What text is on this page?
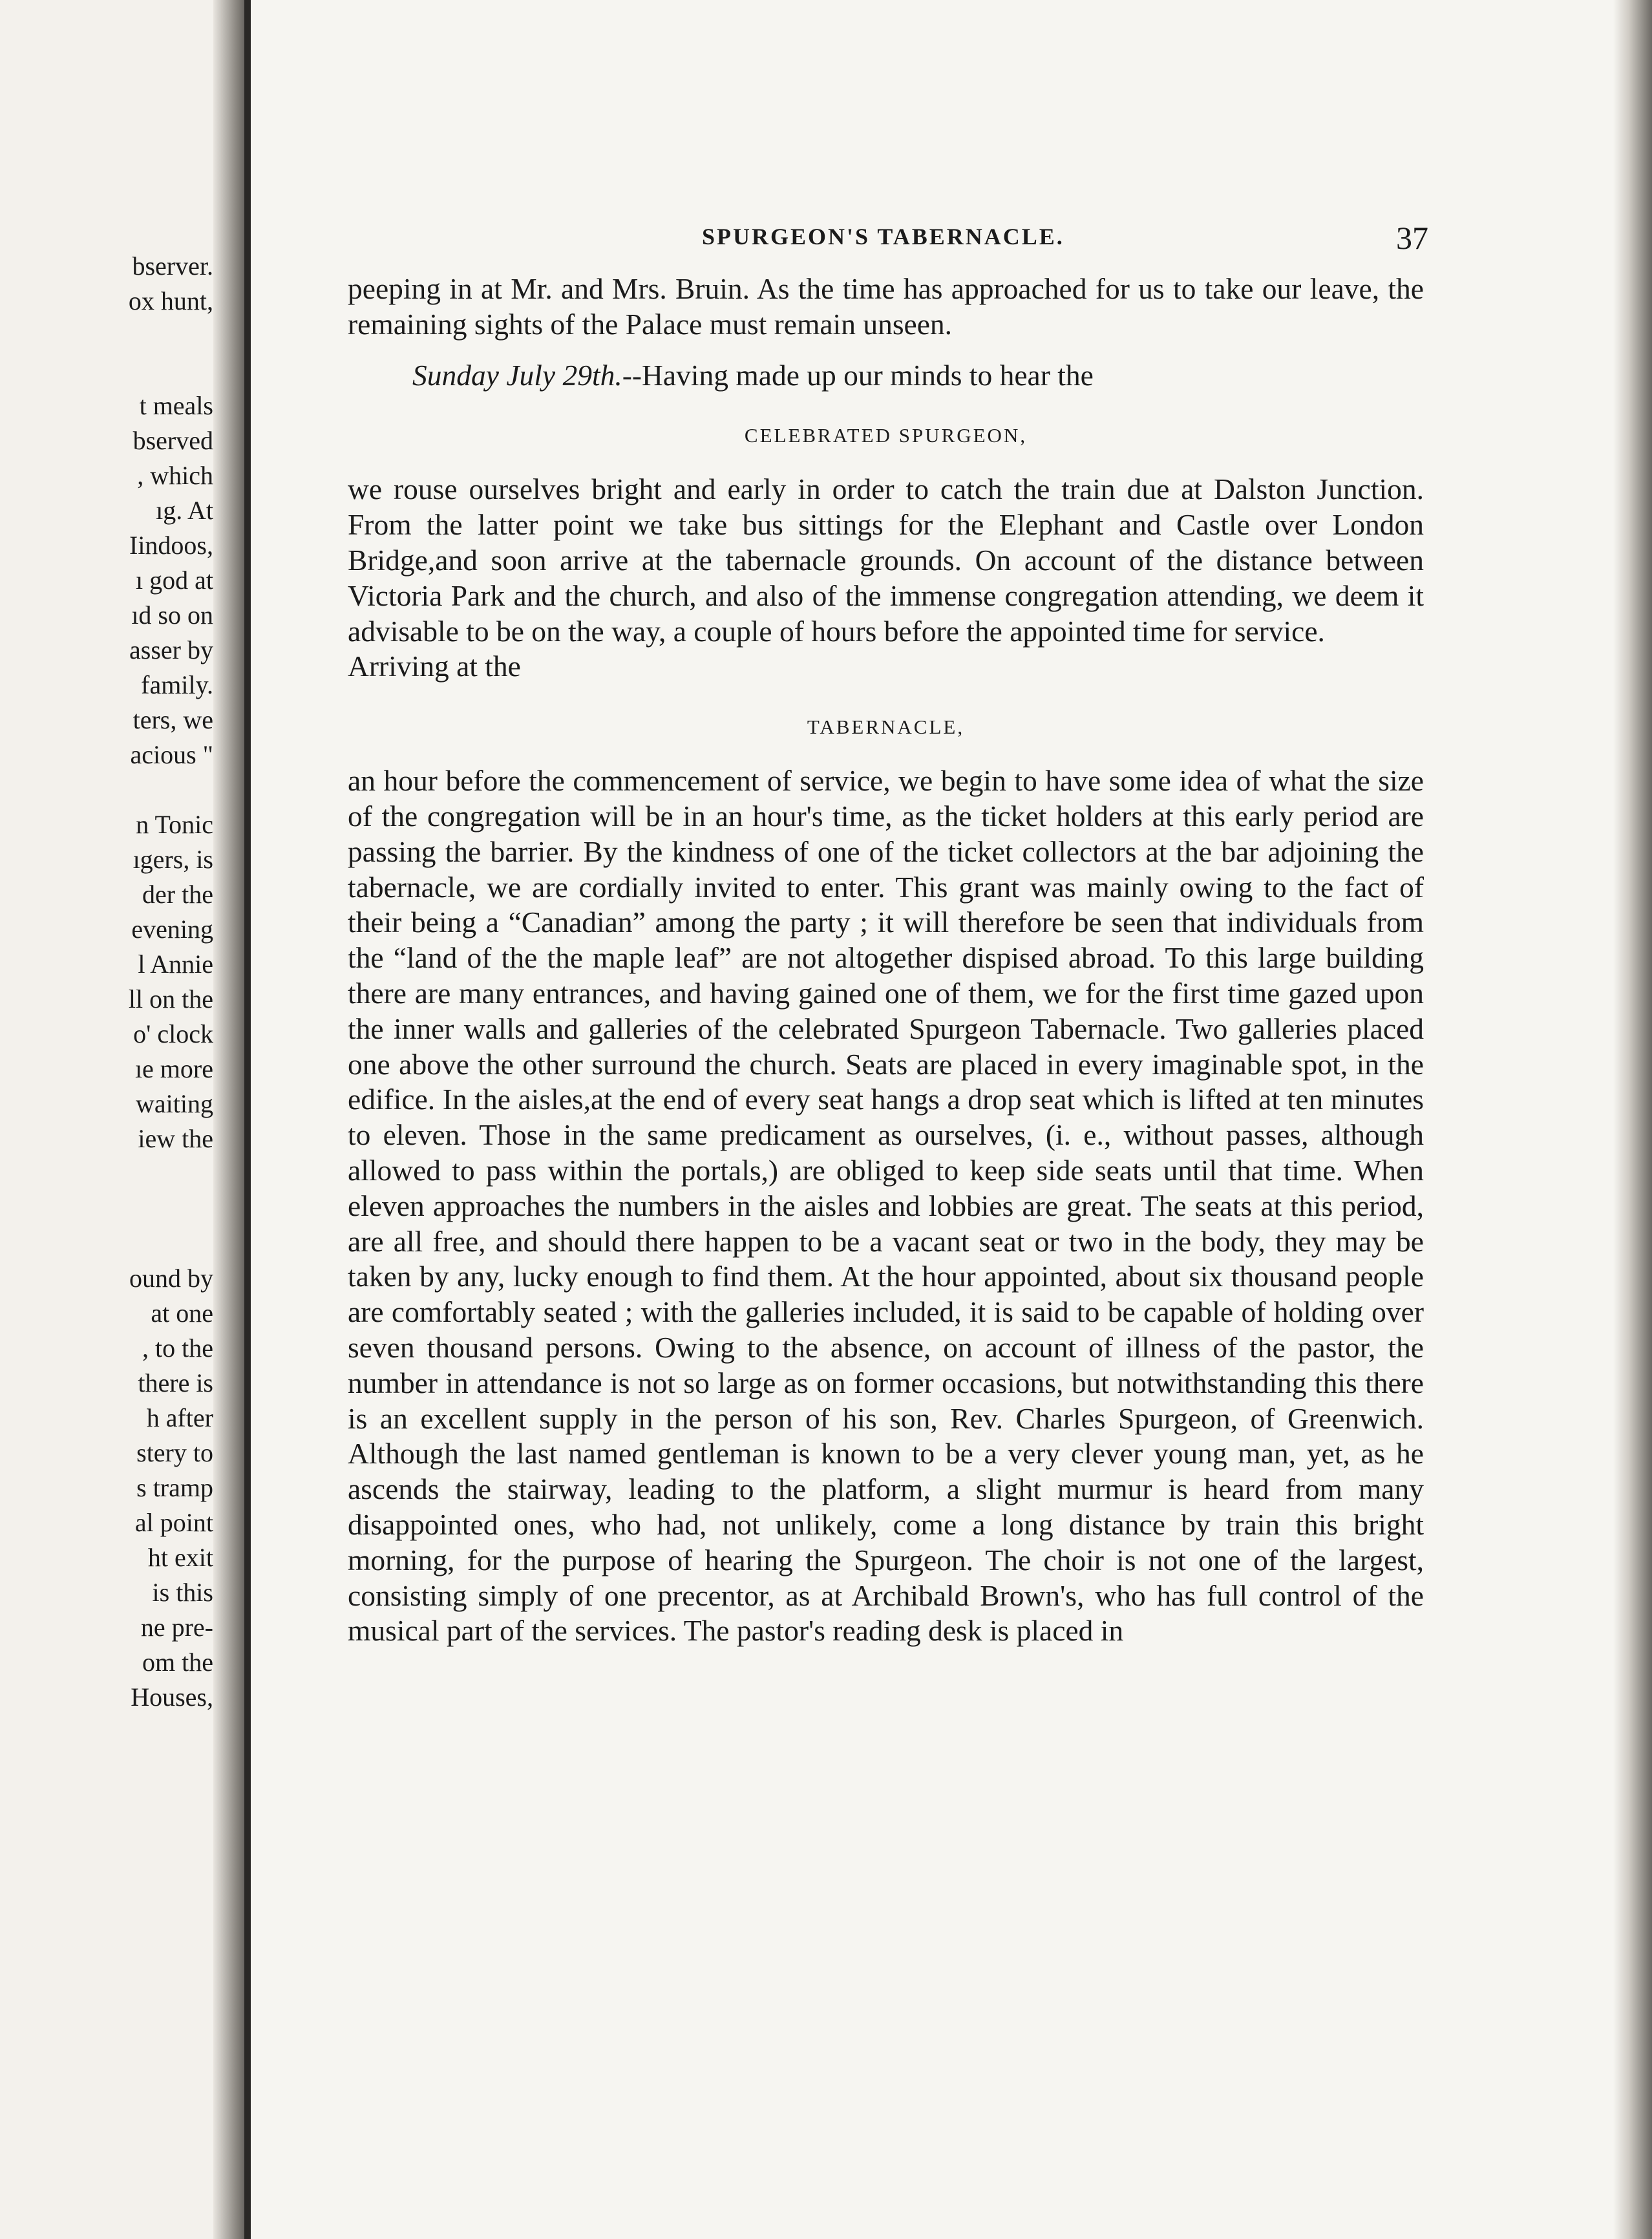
bserver.
ox hunt,
t meals
bserved
, which
ıg. At
Iindoos,
ı god at
ıd so on
asser by
family.
ters, we
acious "
n Tonic
ıgers, is
der the
evening
l Annie
ll on the
o' clock
ıe more
waiting
iew the
ound by
at one
, to the
there is
h after
stery to
s tramp
al point
ht exit
is this
ne pre-
om the
Houses,
SPURGEON'S TABERNACLE.	37

peeping in at Mr. and Mrs. Bruin. As the time has approached for us to take our leave, the remaining sights of the Palace must remain unseen.

Sunday July 29th.--Having made up our minds to hear the

CELEBRATED SPURGEON,

we rouse ourselves bright and early in order to catch the train due at Dalston Junction. From the latter point we take bus sittings for the Elephant and Castle over London Bridge,and soon arrive at the tabernacle grounds. On account of the distance between Victoria Park and the church, and also of the immense congregation attending, we deem it advisable to be on the way, a couple of hours before the appointed time for service.

Arriving at the

TABERNACLE,

an hour before the commencement of service, we begin to have some idea of what the size of the congregation will be in an hour's time, as the ticket holders at this early period are passing the barrier. By the kindness of one of the ticket collectors at the bar adjoining the tabernacle, we are cordially invited to enter. This grant was mainly owing to the fact of their being a “Canadian” among the party ; it will therefore be seen that individuals from the “land of the the maple leaf” are not altogether dispised abroad. To this large building there are many entrances, and having gained one of them, we for the first time gazed upon the inner walls and galleries of the celebrated Spurgeon Tabernacle. Two galleries placed one above the other surround the church. Seats are placed in every imaginable spot, in the edifice. In the aisles,at the end of every seat hangs a drop seat which is lifted at ten minutes to eleven. Those in the same predicament as ourselves, (i. e., without passes, although allowed to pass within the portals,) are obliged to keep side seats until that time. When eleven approaches the numbers in the aisles and lobbies are great. The seats at this period, are all free, and should there happen to be a vacant seat or two in the body, they may be taken by any, lucky enough to find them. At the hour appointed, about six thousand people are comfortably seated ; with the galleries included, it is said to be capable of holding over seven thousand persons. Owing to the absence, on account of illness of the pastor, the number in attendance is not so large as on former occasions, but notwithstanding this there is an excellent supply in the person of his son, Rev. Charles Spurgeon, of Greenwich. Although the last named gentleman is known to be a very clever young man, yet, as he ascends the stairway, leading to the platform, a slight murmur is heard from many disappointed ones, who had, not unlikely, come a long distance by train this bright morning, for the purpose of hearing the Spurgeon. The choir is not one of the largest, consisting simply of one precentor, as at Archibald Brown's, who has full control of the musical part of the services. The pastor's reading desk is placed in
